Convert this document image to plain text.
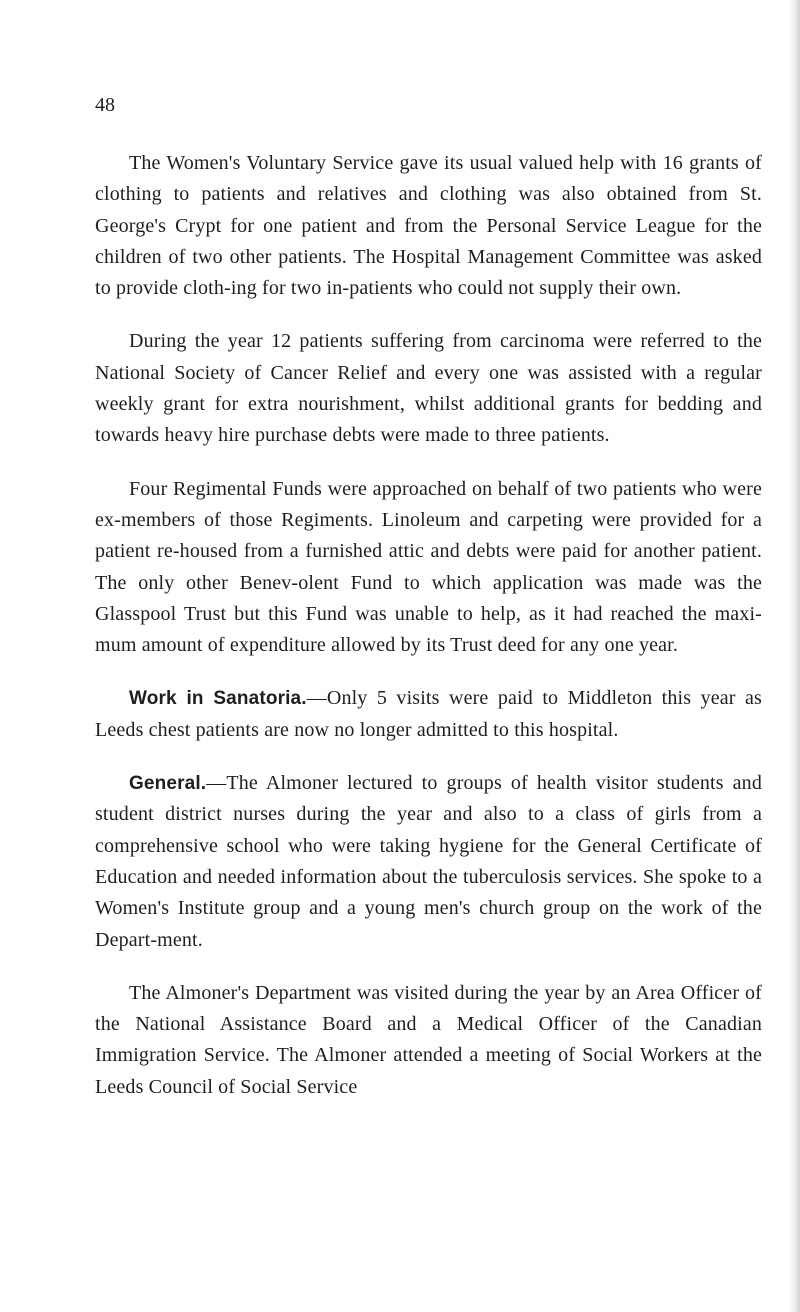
48

The Women's Voluntary Service gave its usual valued help with 16 grants of clothing to patients and relatives and clothing was also obtained from St. George's Crypt for one patient and from the Personal Service League for the children of two other patients. The Hospital Management Committee was asked to provide cloth-ing for two in-patients who could not supply their own.

During the year 12 patients suffering from carcinoma were referred to the National Society of Cancer Relief and every one was assisted with a regular weekly grant for extra nourishment, whilst additional grants for bedding and towards heavy hire purchase debts were made to three patients.

Four Regimental Funds were approached on behalf of two patients who were ex-members of those Regiments. Linoleum and carpeting were provided for a patient re-housed from a furnished attic and debts were paid for another patient. The only other Benev-olent Fund to which application was made was the Glasspool Trust but this Fund was unable to help, as it had reached the maxi-mum amount of expenditure allowed by its Trust deed for any one year.

Work in Sanatoria.—Only 5 visits were paid to Middleton this year as Leeds chest patients are now no longer admitted to this hospital.

General.—The Almoner lectured to groups of health visitor students and student district nurses during the year and also to a class of girls from a comprehensive school who were taking hygiene for the General Certificate of Education and needed information about the tuberculosis services. She spoke to a Women's Institute group and a young men's church group on the work of the Depart-ment.

The Almoner's Department was visited during the year by an Area Officer of the National Assistance Board and a Medical Officer of the Canadian Immigration Service. The Almoner attended a meeting of Social Workers at the Leeds Council of Social Service
